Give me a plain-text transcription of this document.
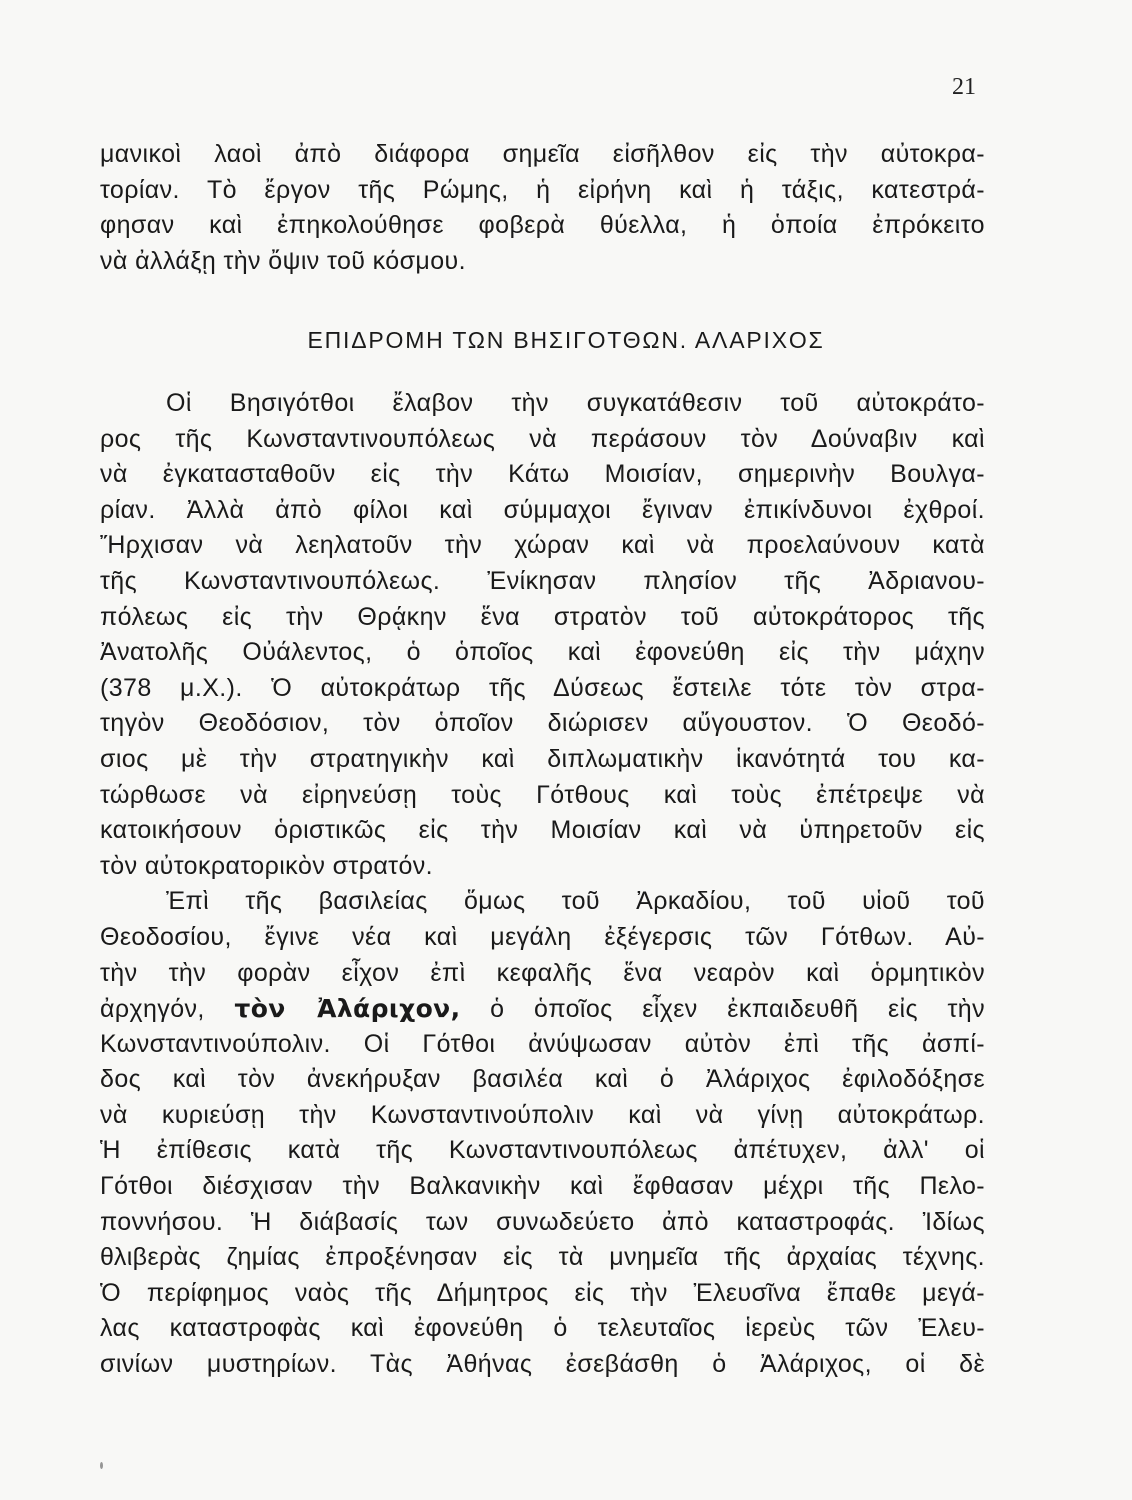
21

μανικοὶ λαοὶ ἀπὸ διάφορα σημεῖα εἰσῆλθον εἰς τὴν αὐτοκρα-
τορίαν. Τὸ ἔργον τῆς Ρώμης, ἡ εἰρήνη καὶ ἡ τάξις, κατεστρά-
φησαν καὶ ἐπηκολούθησε φοβερὰ θύελλα, ἡ ὁποία ἐπρόκειτο
νὰ ἀλλάξῃ τὴν ὄψιν τοῦ κόσμου.
ΕΠΙΔΡΟΜΗ ΤΩΝ ΒΗΣΙΓΟΤΘΩΝ. ΑΛΑΡΙΧΟΣ
Οἱ Βησιγότθοι ἔλαβον τὴν συγκατάθεσιν τοῦ αὐτοκράτο-
ρος τῆς Κωνσταντινουπόλεως νὰ περάσουν τὸν Δούναβιν καὶ
νὰ ἐγκατασταθοῦν εἰς τὴν Κάτω Μοισίαν, σημερινὴν Βουλγα-
ρίαν. Ἀλλὰ ἀπὸ φίλοι καὶ σύμμαχοι ἔγιναν ἐπικίνδυνοι ἐχθροί.
Ἤρχισαν νὰ λεηλατοῦν τὴν χώραν καὶ νὰ προελαύνουν κατὰ
τῆς Κωνσταντινουπόλεως. Ἐνίκησαν πλησίον τῆς Ἀδριανου-
πόλεως εἰς τὴν Θρᾴκην ἕνα στρατὸν τοῦ αὐτοκράτορος τῆς
Ἀνατολῆς Οὐάλεντος, ὁ ὁποῖος καὶ ἐφονεύθη εἰς τὴν μάχην
(378 μ.Χ.). Ὁ αὐτοκράτωρ τῆς Δύσεως ἔστειλε τότε τὸν στρα-
τηγὸν Θεοδόσιον, τὸν ὁποῖον διώρισεν αὔγουστον. Ὁ Θεοδό-
σιος μὲ τὴν στρατηγικὴν καὶ διπλωματικὴν ἱκανότητά του κα-
τώρθωσε νὰ εἰρηνεύσῃ τοὺς Γότθους καὶ τοὺς ἐπέτρεψε νὰ
κατοικήσουν ὁριστικῶς εἰς τὴν Μοισίαν καὶ νὰ ὑπηρετοῦν εἰς
τὸν αὐτοκρατορικὸν στρατόν.
Ἐπὶ τῆς βασιλείας ὅμως τοῦ Ἀρκαδίου, τοῦ υἱοῦ τοῦ
Θεοδοσίου, ἔγινε νέα καὶ μεγάλη ἐξέγερσις τῶν Γότθων. Αὐ-
τὴν τὴν φορὰν εἶχον ἐπὶ κεφαλῆς ἕνα νεαρὸν καὶ ὁρμητικὸν
ἀρχηγόν, τὸν Ἀλάριχον, ὁ ὁποῖος εἶχεν ἐκπαιδευθῆ εἰς τὴν
Κωνσταντινούπολιν. Οἱ Γότθοι ἀνύψωσαν αὐτὸν ἐπὶ τῆς ἀσπί-
δος καὶ τὸν ἀνεκήρυξαν βασιλέα καὶ ὁ Ἀλάριχος ἐφιλοδόξησε
νὰ κυριεύσῃ τὴν Κωνσταντινούπολιν καὶ νὰ γίνῃ αὐτοκράτωρ.
Ἡ ἐπίθεσις κατὰ τῆς Κωνσταντινουπόλεως ἀπέτυχεν, ἀλλ' οἱ
Γότθοι διέσχισαν τὴν Βαλκανικὴν καὶ ἔφθασαν μέχρι τῆς Πελο-
ποννήσου. Ἡ διάβασίς των συνωδεύετο ἀπὸ καταστροφάς. Ἰδίως
θλιβερὰς ζημίας ἐπροξένησαν εἰς τὰ μνημεῖα τῆς ἀρχαίας τέχνης.
Ὁ περίφημος ναὸς τῆς Δήμητρος εἰς τὴν Ἐλευσῖνα ἔπαθε μεγά-
λας καταστροφὰς καὶ ἐφονεύθη ὁ τελευταῖος ἱερεὺς τῶν Ἐλευ-
σινίων μυστηρίων. Τὰς Ἀθήνας ἐσεβάσθη ὁ Ἀλάριχος, οἱ δὲ
